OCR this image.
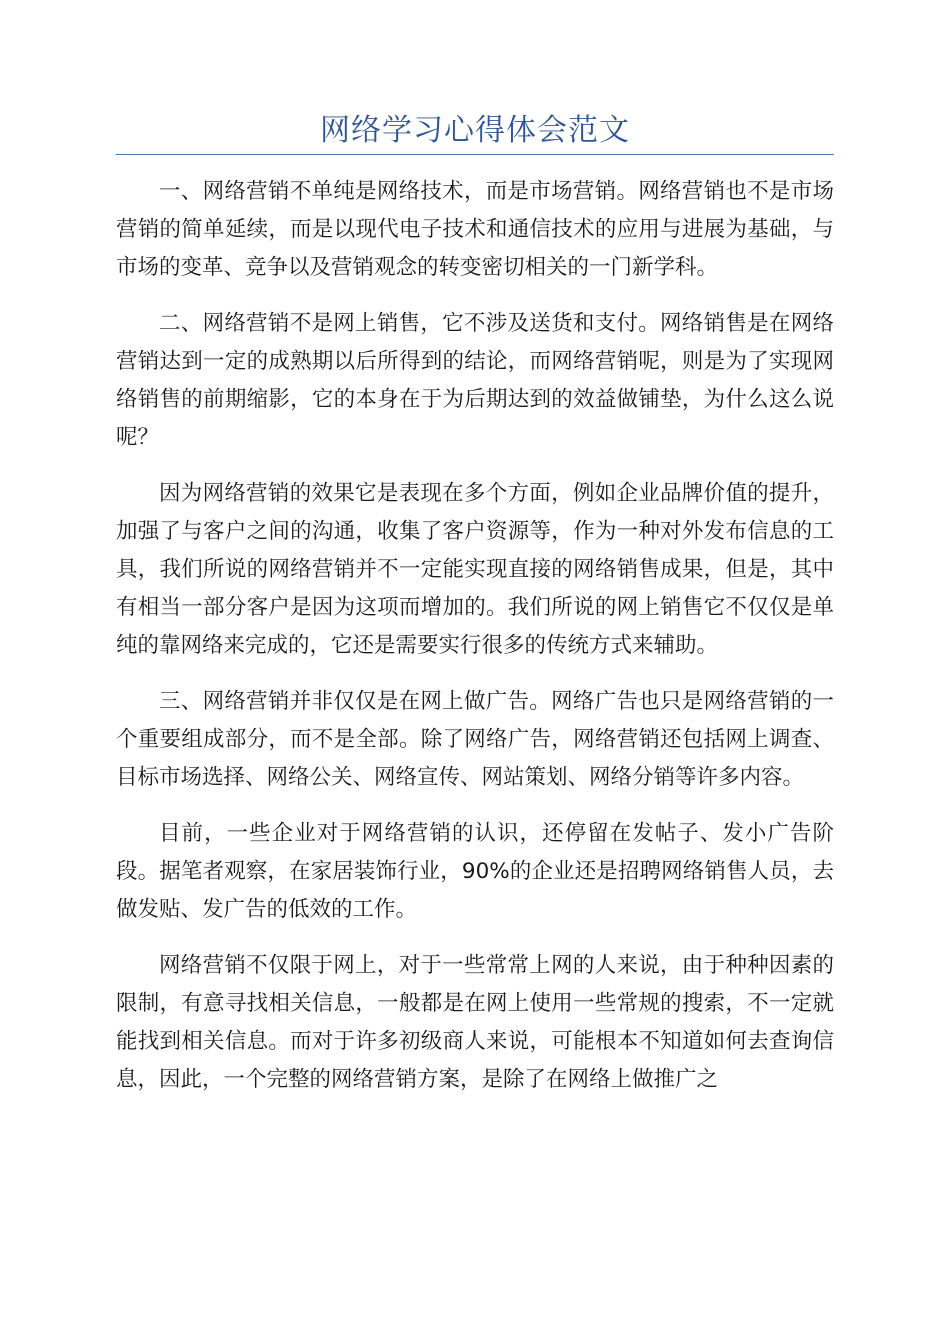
网络学习心得体会范文

一、网络营销不单纯是网络技术，而是市场营销。网络营销也不是市场营销的简单延续，而是以现代电子技术和通信技术的应用与进展为基础，与市场的变革、竞争以及营销观念的转变密切相关的一门新学科。

二、网络营销不是网上销售，它不涉及送货和支付。网络销售是在网络营销达到一定的成熟期以后所得到的结论，而网络营销呢，则是为了实现网络销售的前期缩影，它的本身在于为后期达到的效益做铺垫，为什么这么说呢？

因为网络营销的效果它是表现在多个方面，例如企业品牌价值的提升，加强了与客户之间的沟通，收集了客户资源等，作为一种对外发布信息的工具，我们所说的网络营销并不一定能实现直接的网络销售成果，但是，其中有相当一部分客户是因为这项而增加的。我们所说的网上销售它不仅仅是单纯的靠网络来完成的，它还是需要实行很多的传统方式来辅助。

三、网络营销并非仅仅是在网上做广告。网络广告也只是网络营销的一个重要组成部分，而不是全部。除了网络广告，网络营销还包括网上调查、目标市场选择、网络公关、网络宣传、网站策划、网络分销等许多内容。

目前，一些企业对于网络营销的认识，还停留在发帖子、发小广告阶段。据笔者观察，在家居装饰行业，90%的企业还是招聘网络销售人员，去做发贴、发广告的低效的工作。

网络营销不仅限于网上，对于一些常常上网的人来说，由于种种因素的限制，有意寻找相关信息，一般都是在网上使用一些常规的搜索，不一定就能找到相关信息。而对于许多初级商人来说，可能根本不知道如何去查询信息，因此，一个完整的网络营销方案，是除了在网络上做推广之
